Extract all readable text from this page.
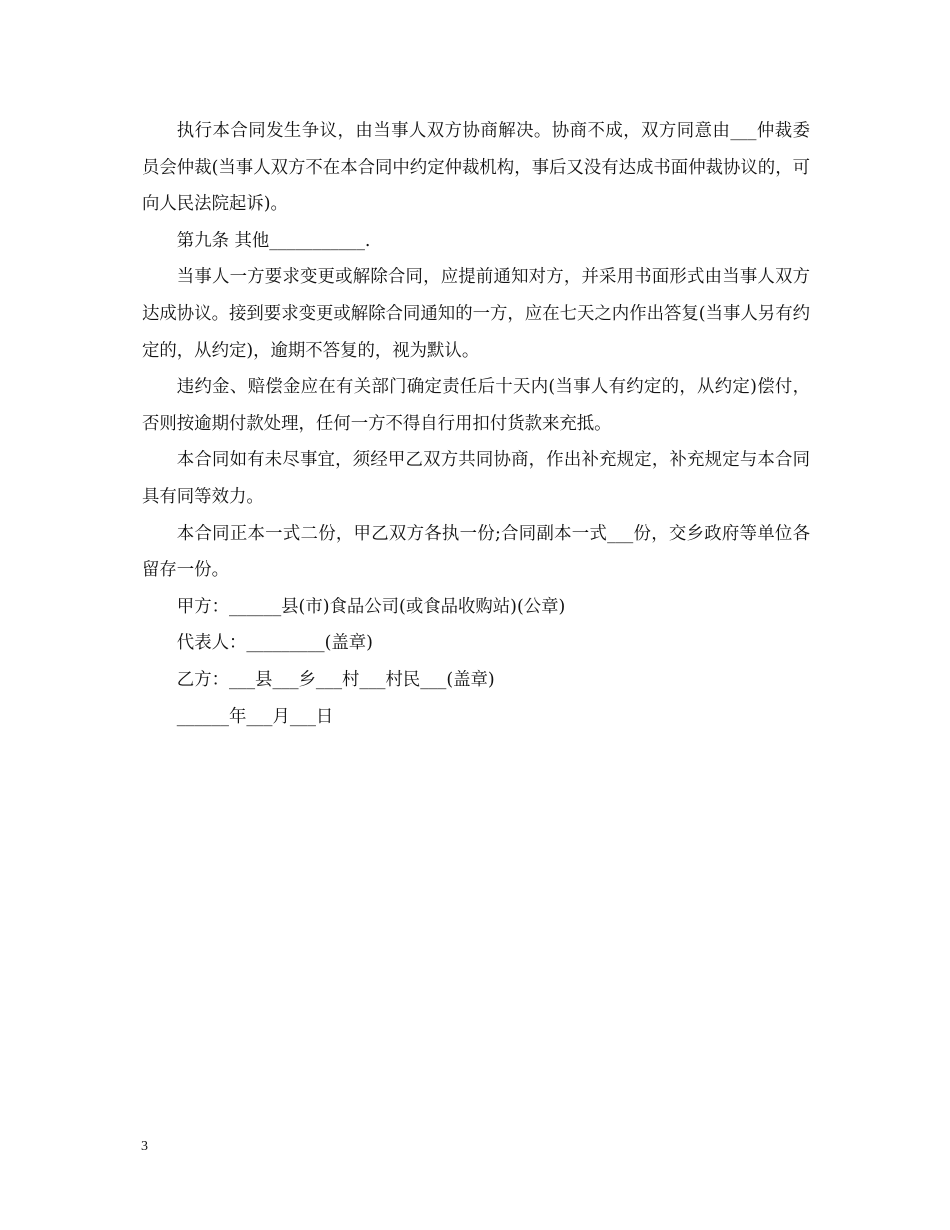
执行本合同发生争议，由当事人双方协商解决。协商不成，双方同意由___仲裁委员会仲裁(当事人双方不在本合同中约定仲裁机构，事后又没有达成书面仲裁协议的，可向人民法院起诉)。

第九条 其他___________.

当事人一方要求变更或解除合同，应提前通知对方，并采用书面形式由当事人双方达成协议。接到要求变更或解除合同通知的一方，应在七天之内作出答复(当事人另有约定的，从约定)，逾期不答复的，视为默认。

违约金、赔偿金应在有关部门确定责任后十天内(当事人有约定的，从约定)偿付，否则按逾期付款处理，任何一方不得自行用扣付货款来充抵。

本合同如有未尽事宜，须经甲乙双方共同协商，作出补充规定，补充规定与本合同具有同等效力。

本合同正本一式二份，甲乙双方各执一份;合同副本一式___份，交乡政府等单位各留存一份。

甲方：______县(市)食品公司(或食品收购站)(公章)

代表人：_________(盖章)

乙方：___县___乡___村___村民___(盖章)

______年___月___日

3
